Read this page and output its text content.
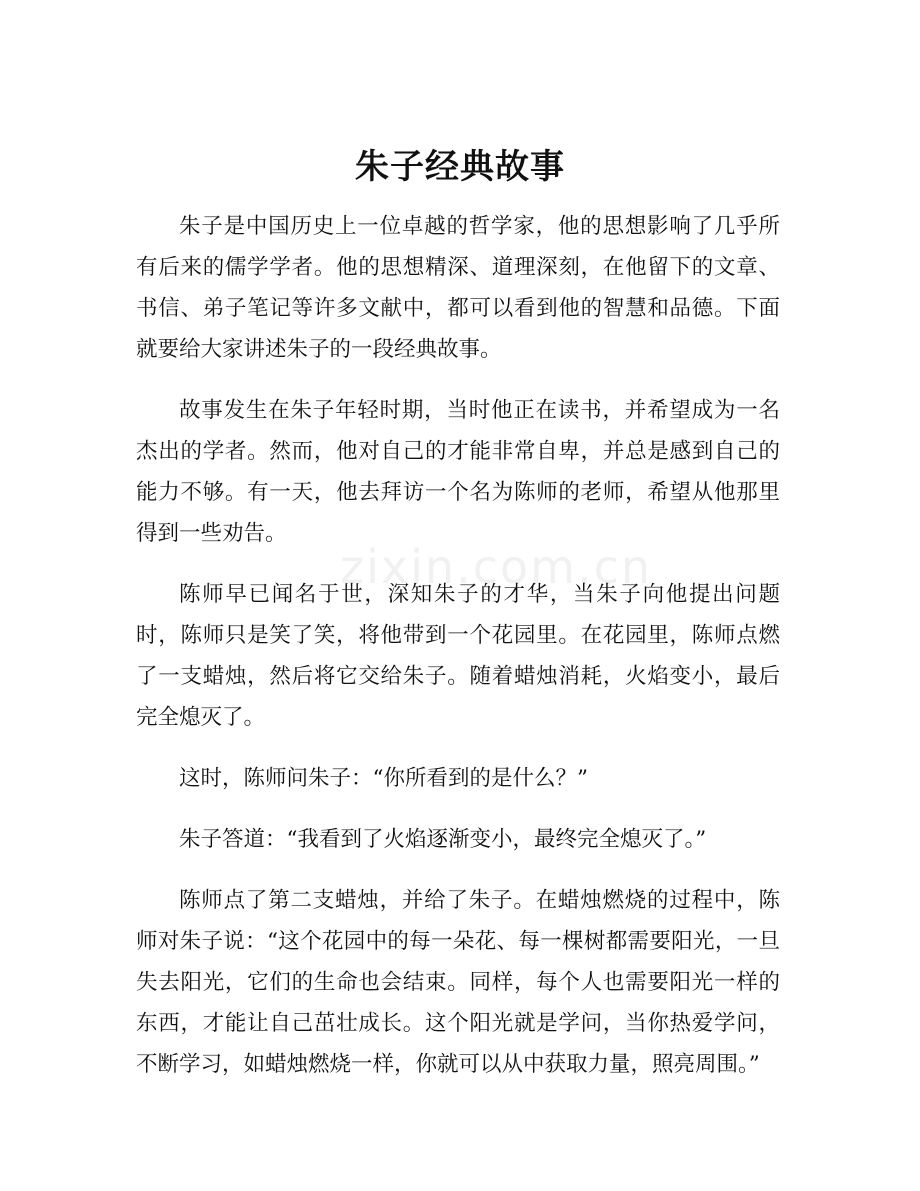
朱子经典故事
zixin.com.cn

朱子是中国历史上一位卓越的哲学家，他的思想影响了几乎所有后来的儒学学者。他的思想精深、道理深刻，在他留下的文章、书信、弟子笔记等许多文献中，都可以看到他的智慧和品德。下面就要给大家讲述朱子的一段经典故事。

故事发生在朱子年轻时期，当时他正在读书，并希望成为一名杰出的学者。然而，他对自己的才能非常自卑，并总是感到自己的能力不够。有一天，他去拜访一个名为陈师的老师，希望从他那里得到一些劝告。

陈师早已闻名于世，深知朱子的才华，当朱子向他提出问题时，陈师只是笑了笑，将他带到一个花园里。在花园里，陈师点燃了一支蜡烛，然后将它交给朱子。随着蜡烛消耗，火焰变小，最后完全熄灭了。

这时，陈师问朱子：“你所看到的是什么？”

朱子答道：“我看到了火焰逐渐变小，最终完全熄灭了。”

陈师点了第二支蜡烛，并给了朱子。在蜡烛燃烧的过程中，陈师对朱子说：“这个花园中的每一朵花、每一棵树都需要阳光，一旦失去阳光，它们的生命也会结束。同样，每个人也需要阳光一样的东西，才能让自己茁壮成长。这个阳光就是学问，当你热爱学问，不断学习，如蜡烛燃烧一样，你就可以从中获取力量，照亮周围。”
